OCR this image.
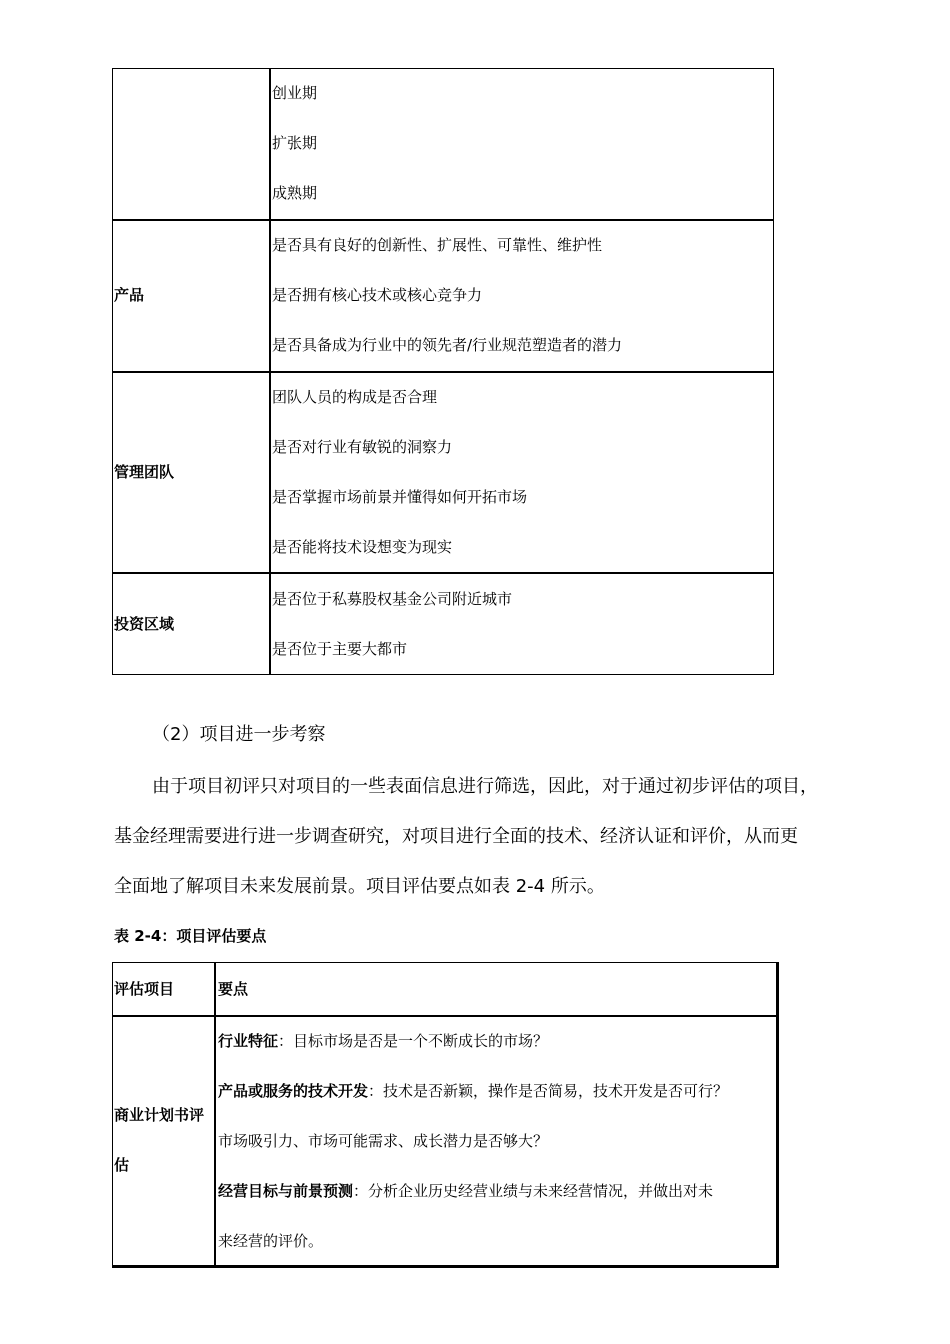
创业期
扩张期
成熟期
产品
是否具有良好的创新性、扩展性、可靠性、维护性
是否拥有核心技术或核心竞争力
是否具备成为行业中的领先者/行业规范塑造者的潜力
管理团队
团队人员的构成是否合理
是否对行业有敏锐的洞察力
是否掌握市场前景并懂得如何开拓市场
是否能将技术设想变为现实
投资区域
是否位于私募股权基金公司附近城市
是否位于主要大都市
（2）项目进一步考察
由于项目初评只对项目的一些表面信息进行筛选，因此，对于通过初步评估的项目，
基金经理需要进行进一步调查研究，对项目进行全面的技术、经济认证和评价，从而更
全面地了解项目未来发展前景。项目评估要点如表 2-4 所示。
表 2-4：项目评估要点
评估项目	要点
商业计划书评
估
行业特征：目标市场是否是一个不断成长的市场？
产品或服务的技术开发：技术是否新颖，操作是否简易，技术开发是否可行？
市场吸引力、市场可能需求、成长潜力是否够大？
经营目标与前景预测：分析企业历史经营业绩与未来经营情况，并做出对未
来经营的评价。
